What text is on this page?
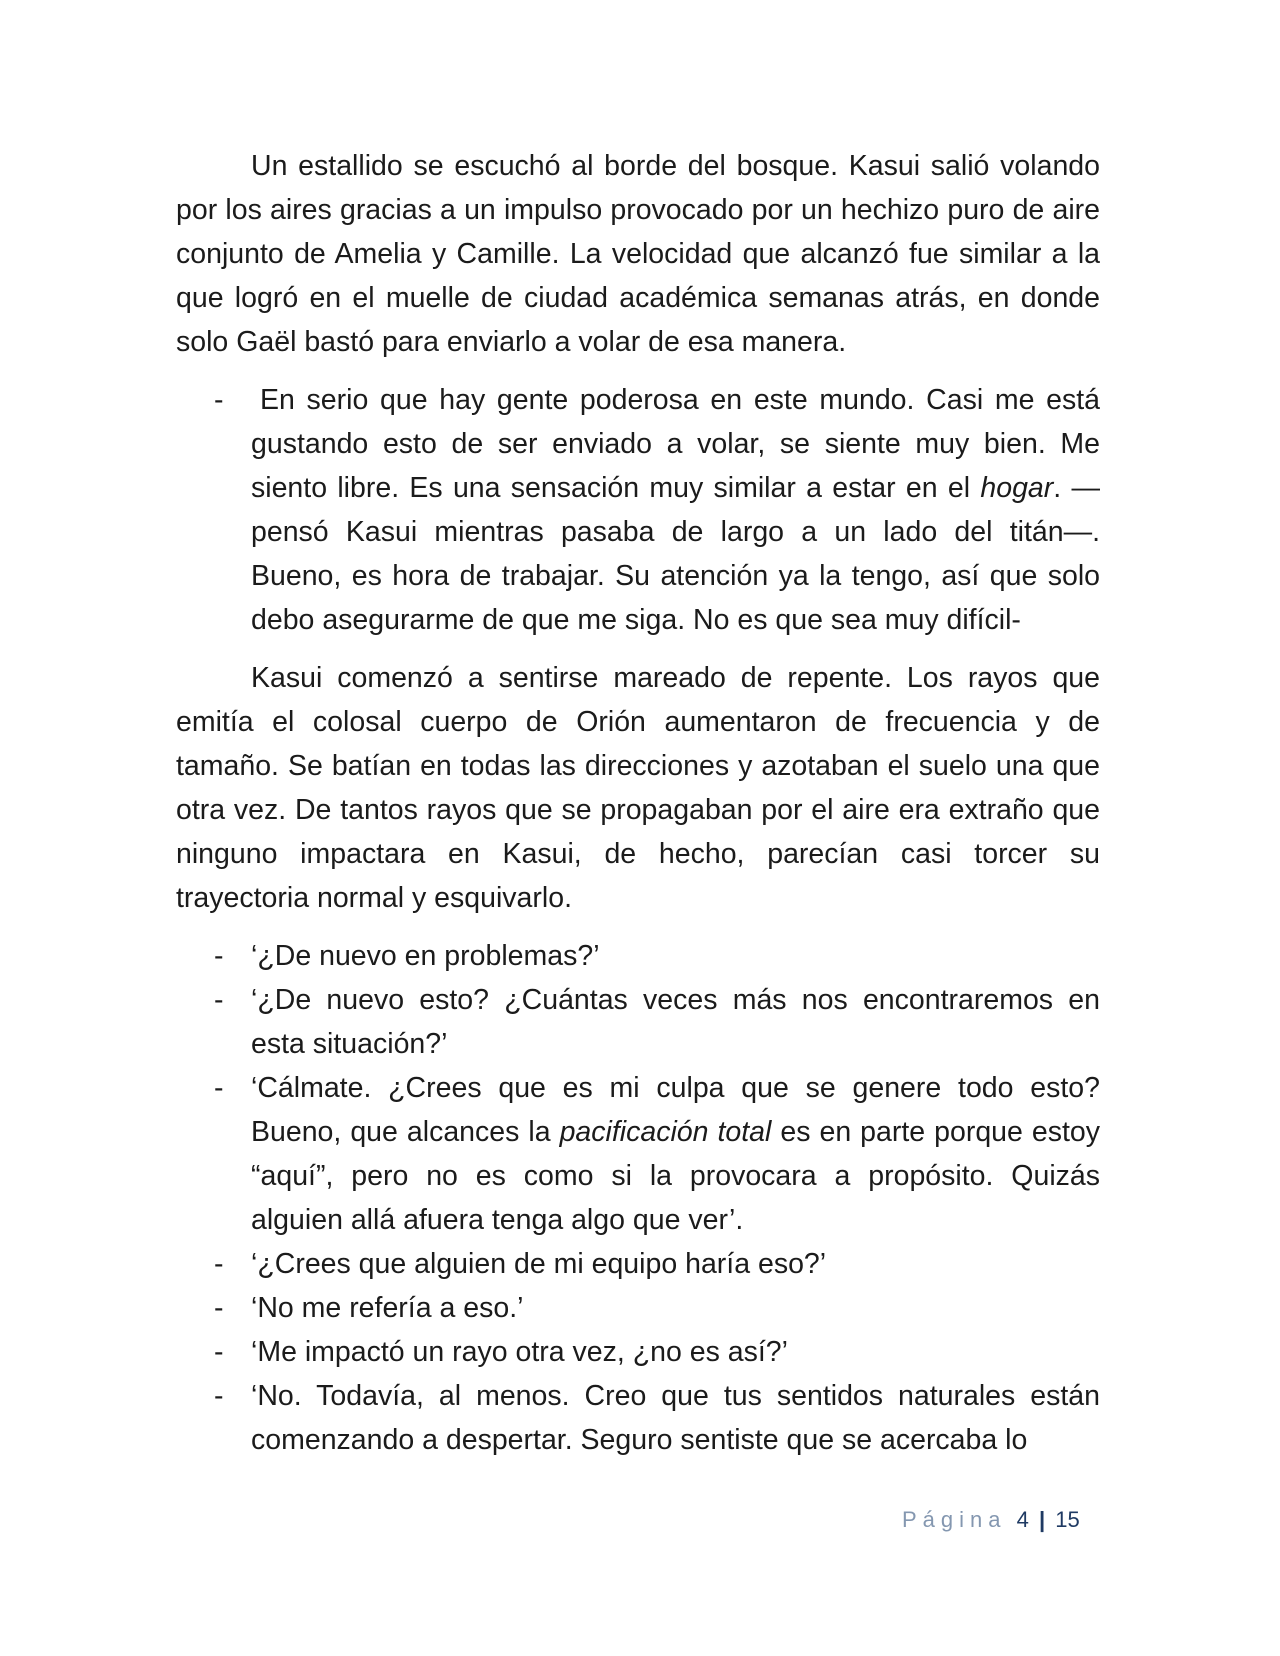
Un estallido se escuchó al borde del bosque. Kasui salió volando por los aires gracias a un impulso provocado por un hechizo puro de aire conjunto de Amelia y Camille. La velocidad que alcanzó fue similar a la que logró en el muelle de ciudad académica semanas atrás, en donde solo Gaël bastó para enviarlo a volar de esa manera.

- En serio que hay gente poderosa en este mundo. Casi me está gustando esto de ser enviado a volar, se siente muy bien. Me siento libre. Es una sensación muy similar a estar en el hogar. —pensó Kasui mientras pasaba de largo a un lado del titán—. Bueno, es hora de trabajar. Su atención ya la tengo, así que solo debo asegurarme de que me siga. No es que sea muy difícil-

Kasui comenzó a sentirse mareado de repente. Los rayos que emitía el colosal cuerpo de Orión aumentaron de frecuencia y de tamaño. Se batían en todas las direcciones y azotaban el suelo una que otra vez. De tantos rayos que se propagaban por el aire era extraño que ninguno impactara en Kasui, de hecho, parecían casi torcer su trayectoria normal y esquivarlo.

- ‘¿De nuevo en problemas?’
- ‘¿De nuevo esto? ¿Cuántas veces más nos encontraremos en esta situación?’
- ‘Cálmate. ¿Crees que es mi culpa que se genere todo esto? Bueno, que alcances la pacificación total es en parte porque estoy “aquí”, pero no es como si la provocara a propósito. Quizás alguien allá afuera tenga algo que ver’.
- ‘¿Crees que alguien de mi equipo haría eso?’
- ‘No me refería a eso.’
- ‘Me impactó un rayo otra vez, ¿no es así?’
- ‘No. Todavía, al menos. Creo que tus sentidos naturales están comenzando a despertar. Seguro sentiste que se acercaba lo
Página 4 | 15
